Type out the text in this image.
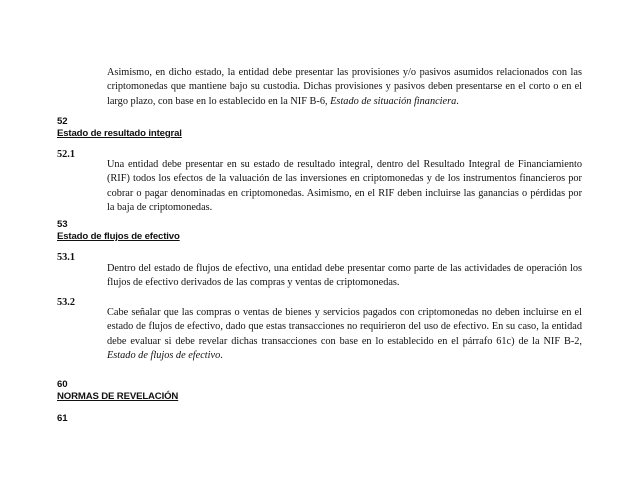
Asimismo, en dicho estado, la entidad debe presentar las provisiones y/o pasivos asumidos relacionados con las criptomonedas que mantiene bajo su custodia. Dichas provisiones y pasivos deben presentarse en el corto o en el largo plazo, con base en lo establecido en la NIF B-6, Estado de situación financiera.

52
Estado de resultado integral
52.1

Una entidad debe presentar en su estado de resultado integral, dentro del Resultado Integral de Financiamiento (RIF) todos los efectos de la valuación de las inversiones en criptomonedas y de los instrumentos financieros por cobrar o pagar denominadas en criptomonedas. Asimismo, en el RIF deben incluirse las ganancias o pérdidas por la baja de criptomonedas.

53
Estado de flujos de efectivo
53.1

Dentro del estado de flujos de efectivo, una entidad debe presentar como parte de las actividades de operación los flujos de efectivo derivados de las compras y ventas de criptomonedas.

53.2

Cabe señalar que las compras o ventas de bienes y servicios pagados con criptomonedas no deben incluirse en el estado de flujos de efectivo, dado que estas transacciones no requirieron del uso de efectivo. En su caso, la entidad debe evaluar si debe revelar dichas transacciones con base en lo establecido en el párrafo 61c) de la NIF B-2, Estado de flujos de efectivo.

60
NORMAS DE REVELACIÓN
61
